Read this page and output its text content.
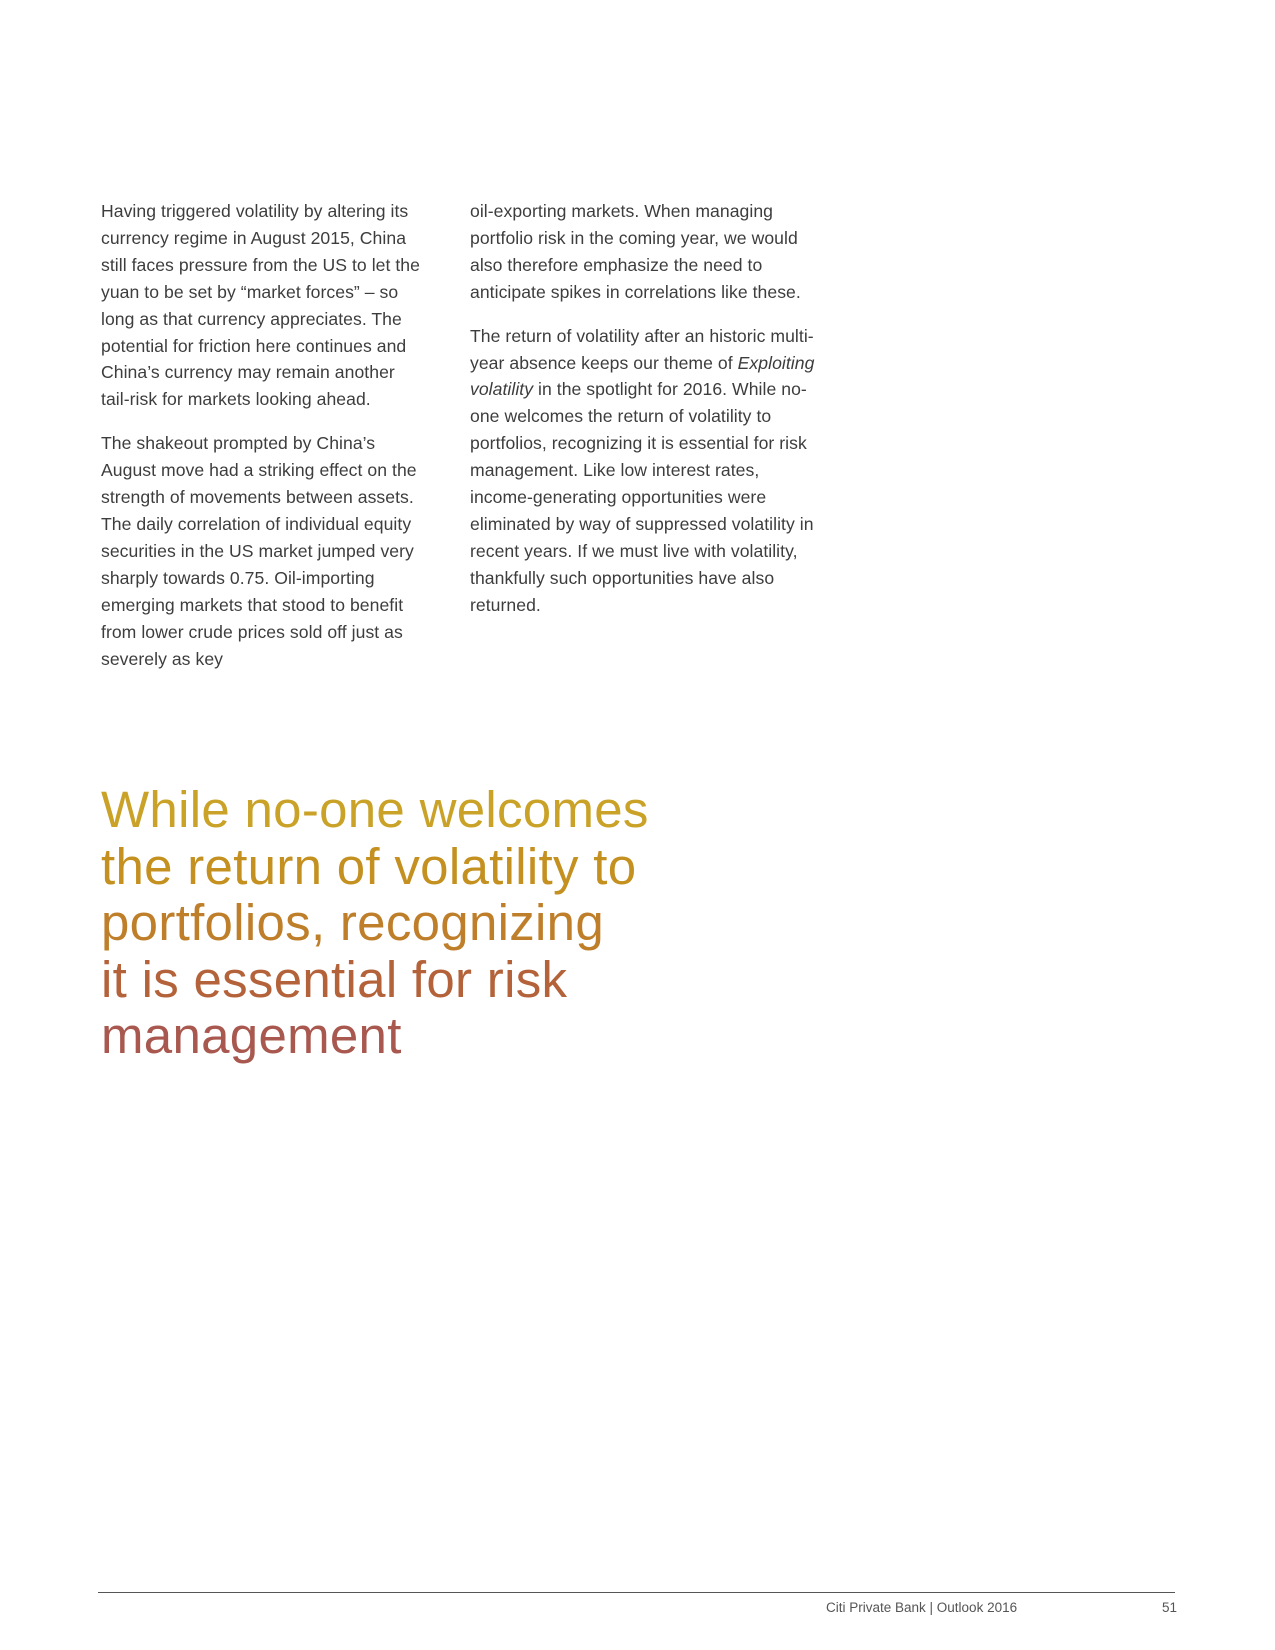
Having triggered volatility by altering its currency regime in August 2015, China still faces pressure from the US to let the yuan to be set by “market forces” – so long as that currency appreciates. The potential for friction here continues and China’s currency may remain another tail-risk for markets looking ahead.

The shakeout prompted by China’s August move had a striking effect on the strength of movements between assets. The daily correlation of individual equity securities in the US market jumped very sharply towards 0.75. Oil-importing emerging markets that stood to benefit from lower crude prices sold off just as severely as key

oil-exporting markets. When managing portfolio risk in the coming year, we would also therefore emphasize the need to anticipate spikes in correlations like these.

The return of volatility after an historic multi-year absence keeps our theme of Exploiting volatility in the spotlight for 2016. While no-one welcomes the return of volatility to portfolios, recognizing it is essential for risk management. Like low interest rates, income-generating opportunities were eliminated by way of suppressed volatility in recent years. If we must live with volatility, thankfully such opportunities have also returned.

While no-one welcomes
the return of volatility to
portfolios, recognizing
it is essential for risk
management
Citi Private Bank | Outlook 2016	51
